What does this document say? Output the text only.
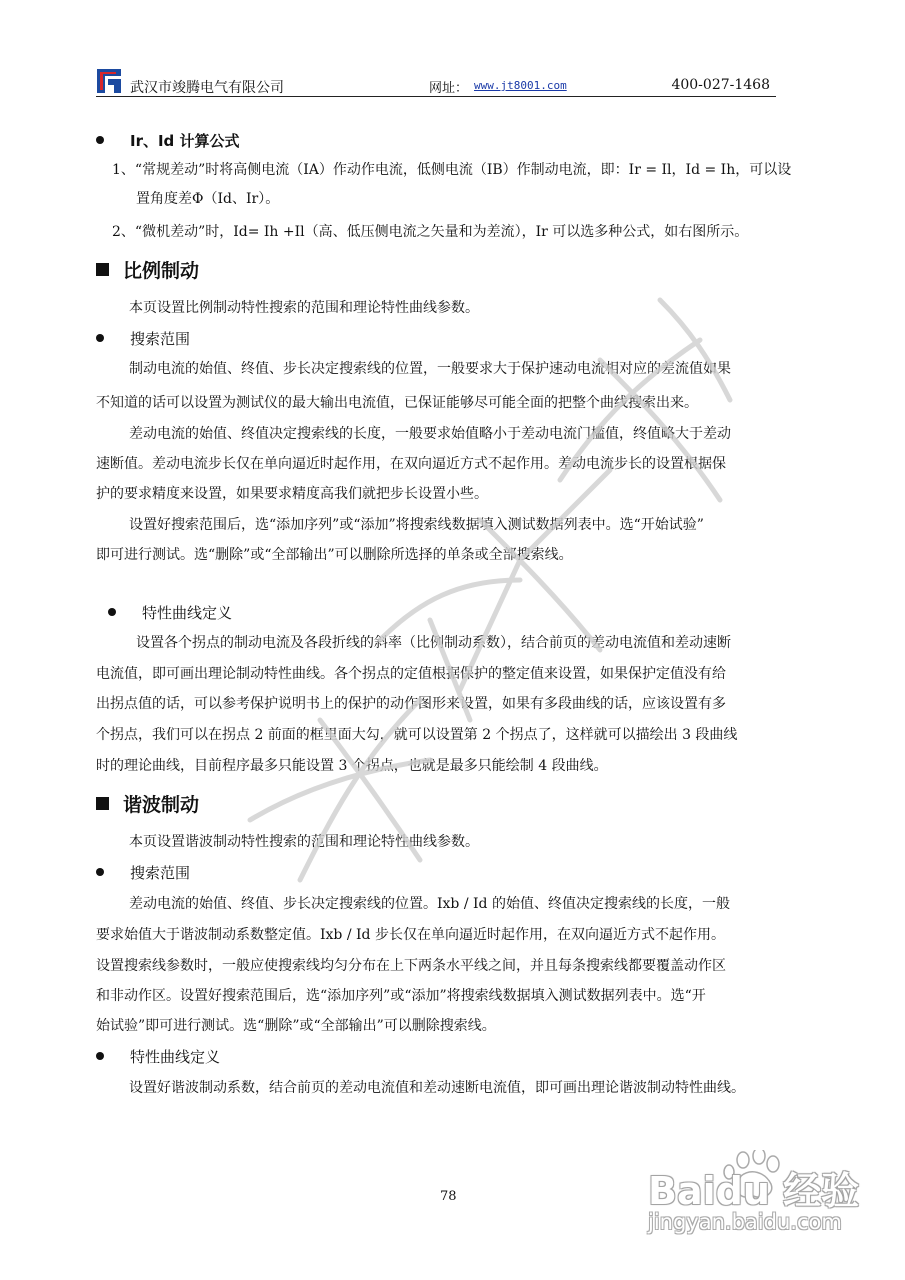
武汉市竣腾电气有限公司	网址： www.jt8001.com	400-027-1468
Ir、Id 计算公式
1、“常规差动”时将高侧电流（IA）作动作电流，低侧电流（IB）作制动电流，即：Ir = Il，Id = Ih，可以设
置角度差Φ（Id、Ir）。
2、“微机差动”时，Id= Ih +Il（高、低压侧电流之矢量和为差流），Ir 可以选多种公式，如右图所示。
比例制动
本页设置比例制动特性搜索的范围和理论特性曲线参数。
搜索范围
制动电流的始值、终值、步长决定搜索线的位置，一般要求大于保护速动电流相对应的差流值如果
不知道的话可以设置为测试仪的最大输出电流值，已保证能够尽可能全面的把整个曲线搜索出来。
差动电流的始值、终值决定搜索线的长度，一般要求始值略小于差动电流门槛值，终值略大于差动
速断值。差动电流步长仅在单向逼近时起作用，在双向逼近方式不起作用。差动电流步长的设置根据保
护的要求精度来设置，如果要求精度高我们就把步长设置小些。
设置好搜索范围后，选“添加序列”或“添加”将搜索线数据填入测试数据列表中。选“开始试验”
即可进行测试。选“删除”或“全部输出”可以删除所选择的单条或全部搜索线。
特性曲线定义
设置各个拐点的制动电流及各段折线的斜率（比例制动系数），结合前页的差动电流值和差动速断
电流值，即可画出理论制动特性曲线。各个拐点的定值根据保护的整定值来设置，如果保护定值没有给
出拐点值的话，可以参考保护说明书上的保护的动作图形来设置，如果有多段曲线的话，应该设置有多
个拐点，我们可以在拐点 2 前面的框里面大勾，就可以设置第 2 个拐点了，这样就可以描绘出 3 段曲线
时的理论曲线，目前程序最多只能设置 3 个拐点，也就是最多只能绘制 4 段曲线。
谐波制动
本页设置谐波制动特性搜索的范围和理论特性曲线参数。
搜索范围
差动电流的始值、终值、步长决定搜索线的位置。Ixb / Id 的始值、终值决定搜索线的长度，一般
要求始值大于谐波制动系数整定值。Ixb / Id 步长仅在单向逼近时起作用，在双向逼近方式不起作用。
设置搜索线参数时，一般应使搜索线均匀分布在上下两条水平线之间，并且每条搜索线都要覆盖动作区
和非动作区。设置好搜索范围后，选“添加序列”或“添加”将搜索线数据填入测试数据列表中。选“开
始试验”即可进行测试。选“删除”或“全部输出”可以删除搜索线。
特性曲线定义
设置好谐波制动系数，结合前页的差动电流值和差动速断电流值，即可画出理论谐波制动特性曲线。
78	Baidu 经验
jingyan.baidu.com
